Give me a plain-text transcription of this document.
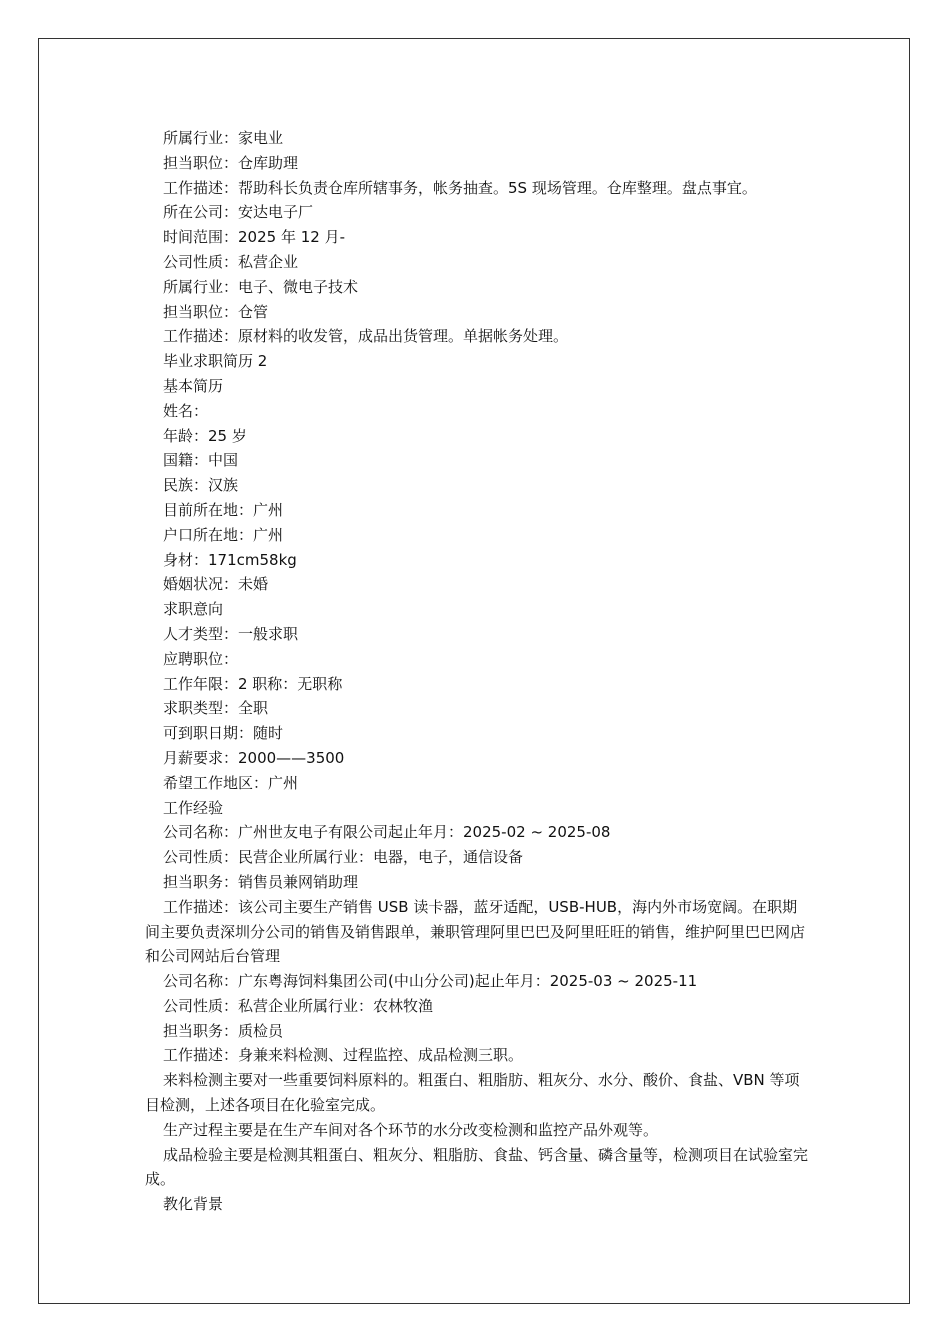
所属行业：家电业

担当职位：仓库助理

工作描述：帮助科长负责仓库所辖事务，帐务抽查。5S 现场管理。仓库整理。盘点事宜。

所在公司：安达电子厂

时间范围：2025 年 12 月-

公司性质：私营企业

所属行业：电子、微电子技术

担当职位：仓管

工作描述：原材料的收发管，成品出货管理。单据帐务处理。

毕业求职简历 2

基本简历

姓名：

年龄：25 岁

国籍：中国

民族：汉族

目前所在地：广州

户口所在地：广州

身材：171cm58kg

婚姻状况：未婚

求职意向

人才类型：一般求职

应聘职位：

工作年限：2 职称：无职称

求职类型：全职

可到职日期：随时

月薪要求：2000——3500

希望工作地区：广州

工作经验

公司名称：广州世友电子有限公司起止年月：2025-02 ~ 2025-08

公司性质：民营企业所属行业：电器，电子，通信设备

担当职务：销售员兼网销助理

工作描述：该公司主要生产销售 USB 读卡器，蓝牙适配，USB-HUB，海内外市场宽阔。在职期间主要负责深圳分公司的销售及销售跟单，兼职管理阿里巴巴及阿里旺旺的销售，维护阿里巴巴网店和公司网站后台管理

公司名称：广东粤海饲料集团公司(中山分公司)起止年月：2025-03 ~ 2025-11

公司性质：私营企业所属行业：农林牧渔

担当职务：质检员

工作描述：身兼来料检测、过程监控、成品检测三职。

来料检测主要对一些重要饲料原料的。粗蛋白、粗脂肪、粗灰分、水分、酸价、食盐、VBN 等项目检测，上述各项目在化验室完成。

生产过程主要是在生产车间对各个环节的水分改变检测和监控产品外观等。

成品检验主要是检测其粗蛋白、粗灰分、粗脂肪、食盐、钙含量、磷含量等，检测项目在试验室完成。

教化背景
